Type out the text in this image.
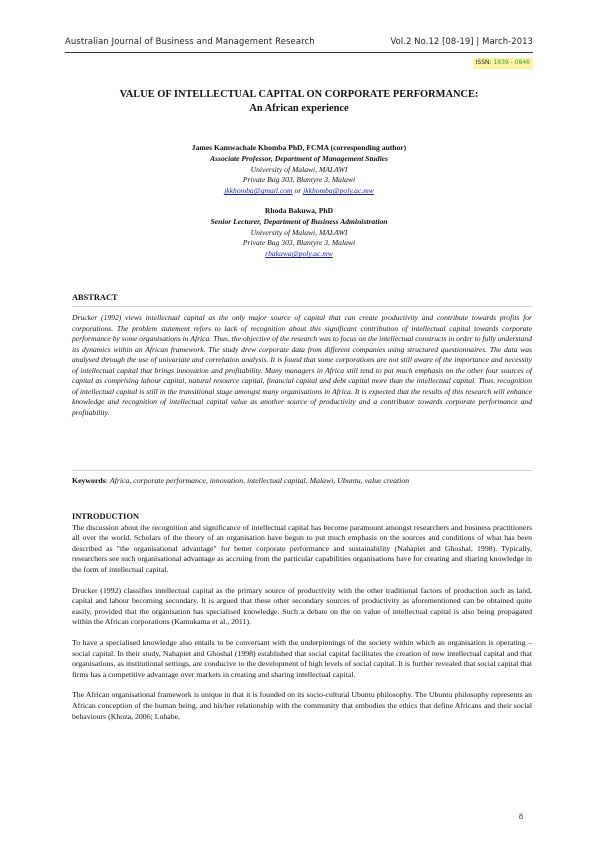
Australian Journal of Business and Management Research	Vol.2 No.12 [08-19] | March-2013
ISSN: 1839 - 0846
VALUE OF INTELLECTUAL CAPITAL ON CORPORATE PERFORMANCE:
An African experience
James Kamwachale Khomba PhD, FCMA (corresponding author)
Associate Professor, Department of Management Studies
University of Malawi, MALAWI
Private Bag 303, Blantyre 3, Malawi
jkkhomba@gmail.com or jkkhomba@poly.ac.mw
Rhoda Bakuwa, PhD
Senior Lecturer, Department of Business Administration
University of Malawi, MALAWI
Private Bag 303, Blantyre 3, Malawi
rbakuwa@poly.ac.mw
ABSTRACT
Drucker (1992) views intellectual capital as the only major source of capital that can create productivity and contribute towards profits for corporations. The problem statement refers to lack of recognition about this significant contribution of intellectual capital towards corporate performance by some organisations in Africa. Thus, the objective of the research was to focus on the intellectual constructs in order to fully understand its dynamics within an African framework. The study drew corporate data from different companies using structured questionnaires. The data was analysed through the use of univariate and correlation analysis. It is found that some corporations are not still aware of the importance and necessity of intellectual capital that brings innovation and profitability. Many managers in Africa still tend to put much emphasis on the other four sources of capital as comprising labour capital, natural resource capital, financial capital and debt capital more than the intellectual capital. Thus, recognition of intellectual capital is still in the transitional stage amongst many organisations in Africa. It is expected that the results of this research will enhance knowledge and recognition of intellectual capital value as another source of productivity and a contributor towards corporate performance and profitability.
Keywords: Africa, corporate performance, innovation, intellectual capital, Malawi, Ubuntu, value creation
INTRODUCTION

The discussion about the recognition and significance of intellectual capital has become paramount amongst researchers and business practitioners all over the world. Scholars of the theory of an organisation have begun to put much emphasis on the sources and conditions of what has been described as "the organisational advantage" for better corporate performance and sustainability (Nahapiet and Ghoshal, 1998). Typically, researchers see such organisational advantage as accruing from the particular capabilities organisations have for creating and sharing knowledge in the form of intellectual capital.

Drucker (1992) classifies intellectual capital as the primary source of productivity with the other traditional factors of production such as land, capital and labour becoming secondary. It is argued that these other secondary sources of productivity as aforementioned can be obtained quite easily, provided that the organisation has specialised knowledge. Such a debate on the on value of intellectual capital is also being propagated within the African corporations (Kamukama et al., 2011).

To have a specialised knowledge also entails to be conversant with the underpinnings of the society within which an organisation is operating – social capital. In their study, Nahapiet and Ghoshal (1998) established that social capital facilitates the creation of new intellectual capital and that organisations, as institutional settings, are conducive to the development of high levels of social capital. It is further revealed that social capital that firms has a competitive advantage over markets in creating and sharing intellectual capital.

The African organisational framework is unique in that it is founded on its socio-cultural Ubuntu philosophy. The Ubuntu philosophy represents an African conception of the human being, and his/her relationship with the community that embodies the ethics that define Africans and their social behaviours (Khoza, 2006; Luhabe,

8
